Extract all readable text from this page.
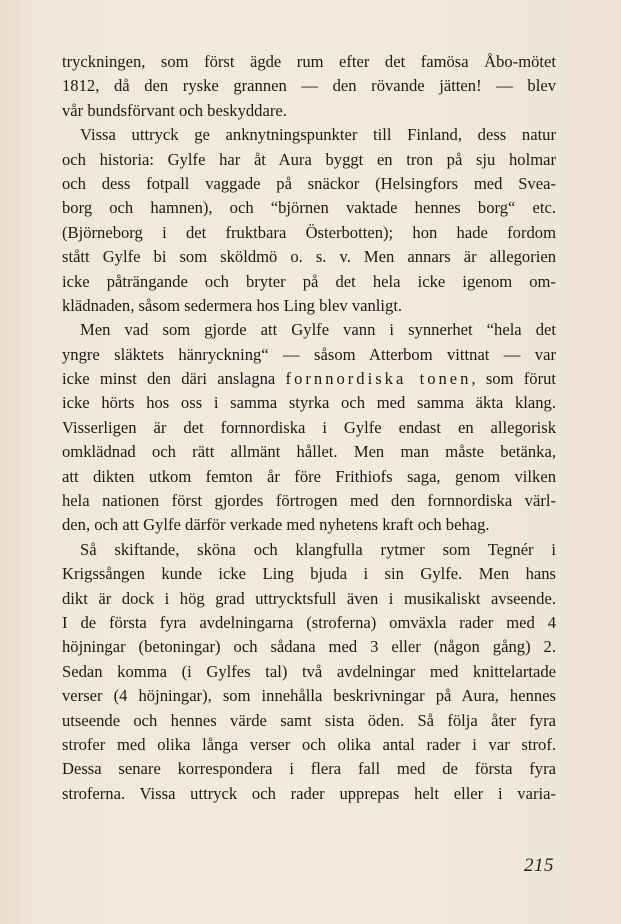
tryckningen, som först ägde rum efter det famösa Åbo-mötet
1812, då den ryske grannen — den rövande jätten! — blev
vår bundsförvant och beskyddare.
Vissa uttryck ge anknytningspunkter till Finland, dess natur
och historia: Gylfe har åt Aura byggt en tron på sju holmar
och dess fotpall vaggade på snäckor (Helsingfors med Svea-
borg och hamnen), och “björnen vaktade hennes borg“ etc.
(Björneborg i det fruktbara Österbotten); hon hade fordom
stått Gylfe bi som sköldmö o. s. v. Men annars är allegorien
icke påträngande och bryter på det hela icke igenom om-
klädnaden, såsom sedermera hos Ling blev vanligt.
Men vad som gjorde att Gylfe vann i synnerhet “hela det
yngre släktets hänryckning“ — såsom Atterbom vittnat — var
icke minst den däri anslagna fornnordiska tonen, som förut
icke hörts hos oss i samma styrka och med samma äkta klang.
Visserligen är det fornnordiska i Gylfe endast en allegorisk
omklädnad och rätt allmänt hållet. Men man måste betänka,
att dikten utkom femton år före Frithiofs saga, genom vilken
hela nationen först gjordes förtrogen med den fornnordiska värl-
den, och att Gylfe därför verkade med nyhetens kraft och behag.
Så skiftande, sköna och klangfulla rytmer som Tegnér i
Krigssången kunde icke Ling bjuda i sin Gylfe. Men hans
dikt är dock i hög grad uttrycktsfull även i musikaliskt avseende.
I de första fyra avdelningarna (stroferna) omväxla rader med 4
höjningar (betoningar) och sådana med 3 eller (någon gång) 2.
Sedan komma (i Gylfes tal) två avdelningar med knittelartade
verser (4 höjningar), som innehålla beskrivningar på Aura, hennes
utseende och hennes värde samt sista öden. Så följa åter fyra
strofer med olika långa verser och olika antal rader i var strof.
Dessa senare korrespondera i flera fall med de första fyra
stroferna. Vissa uttryck och rader upprepas helt eller i varia-
215
